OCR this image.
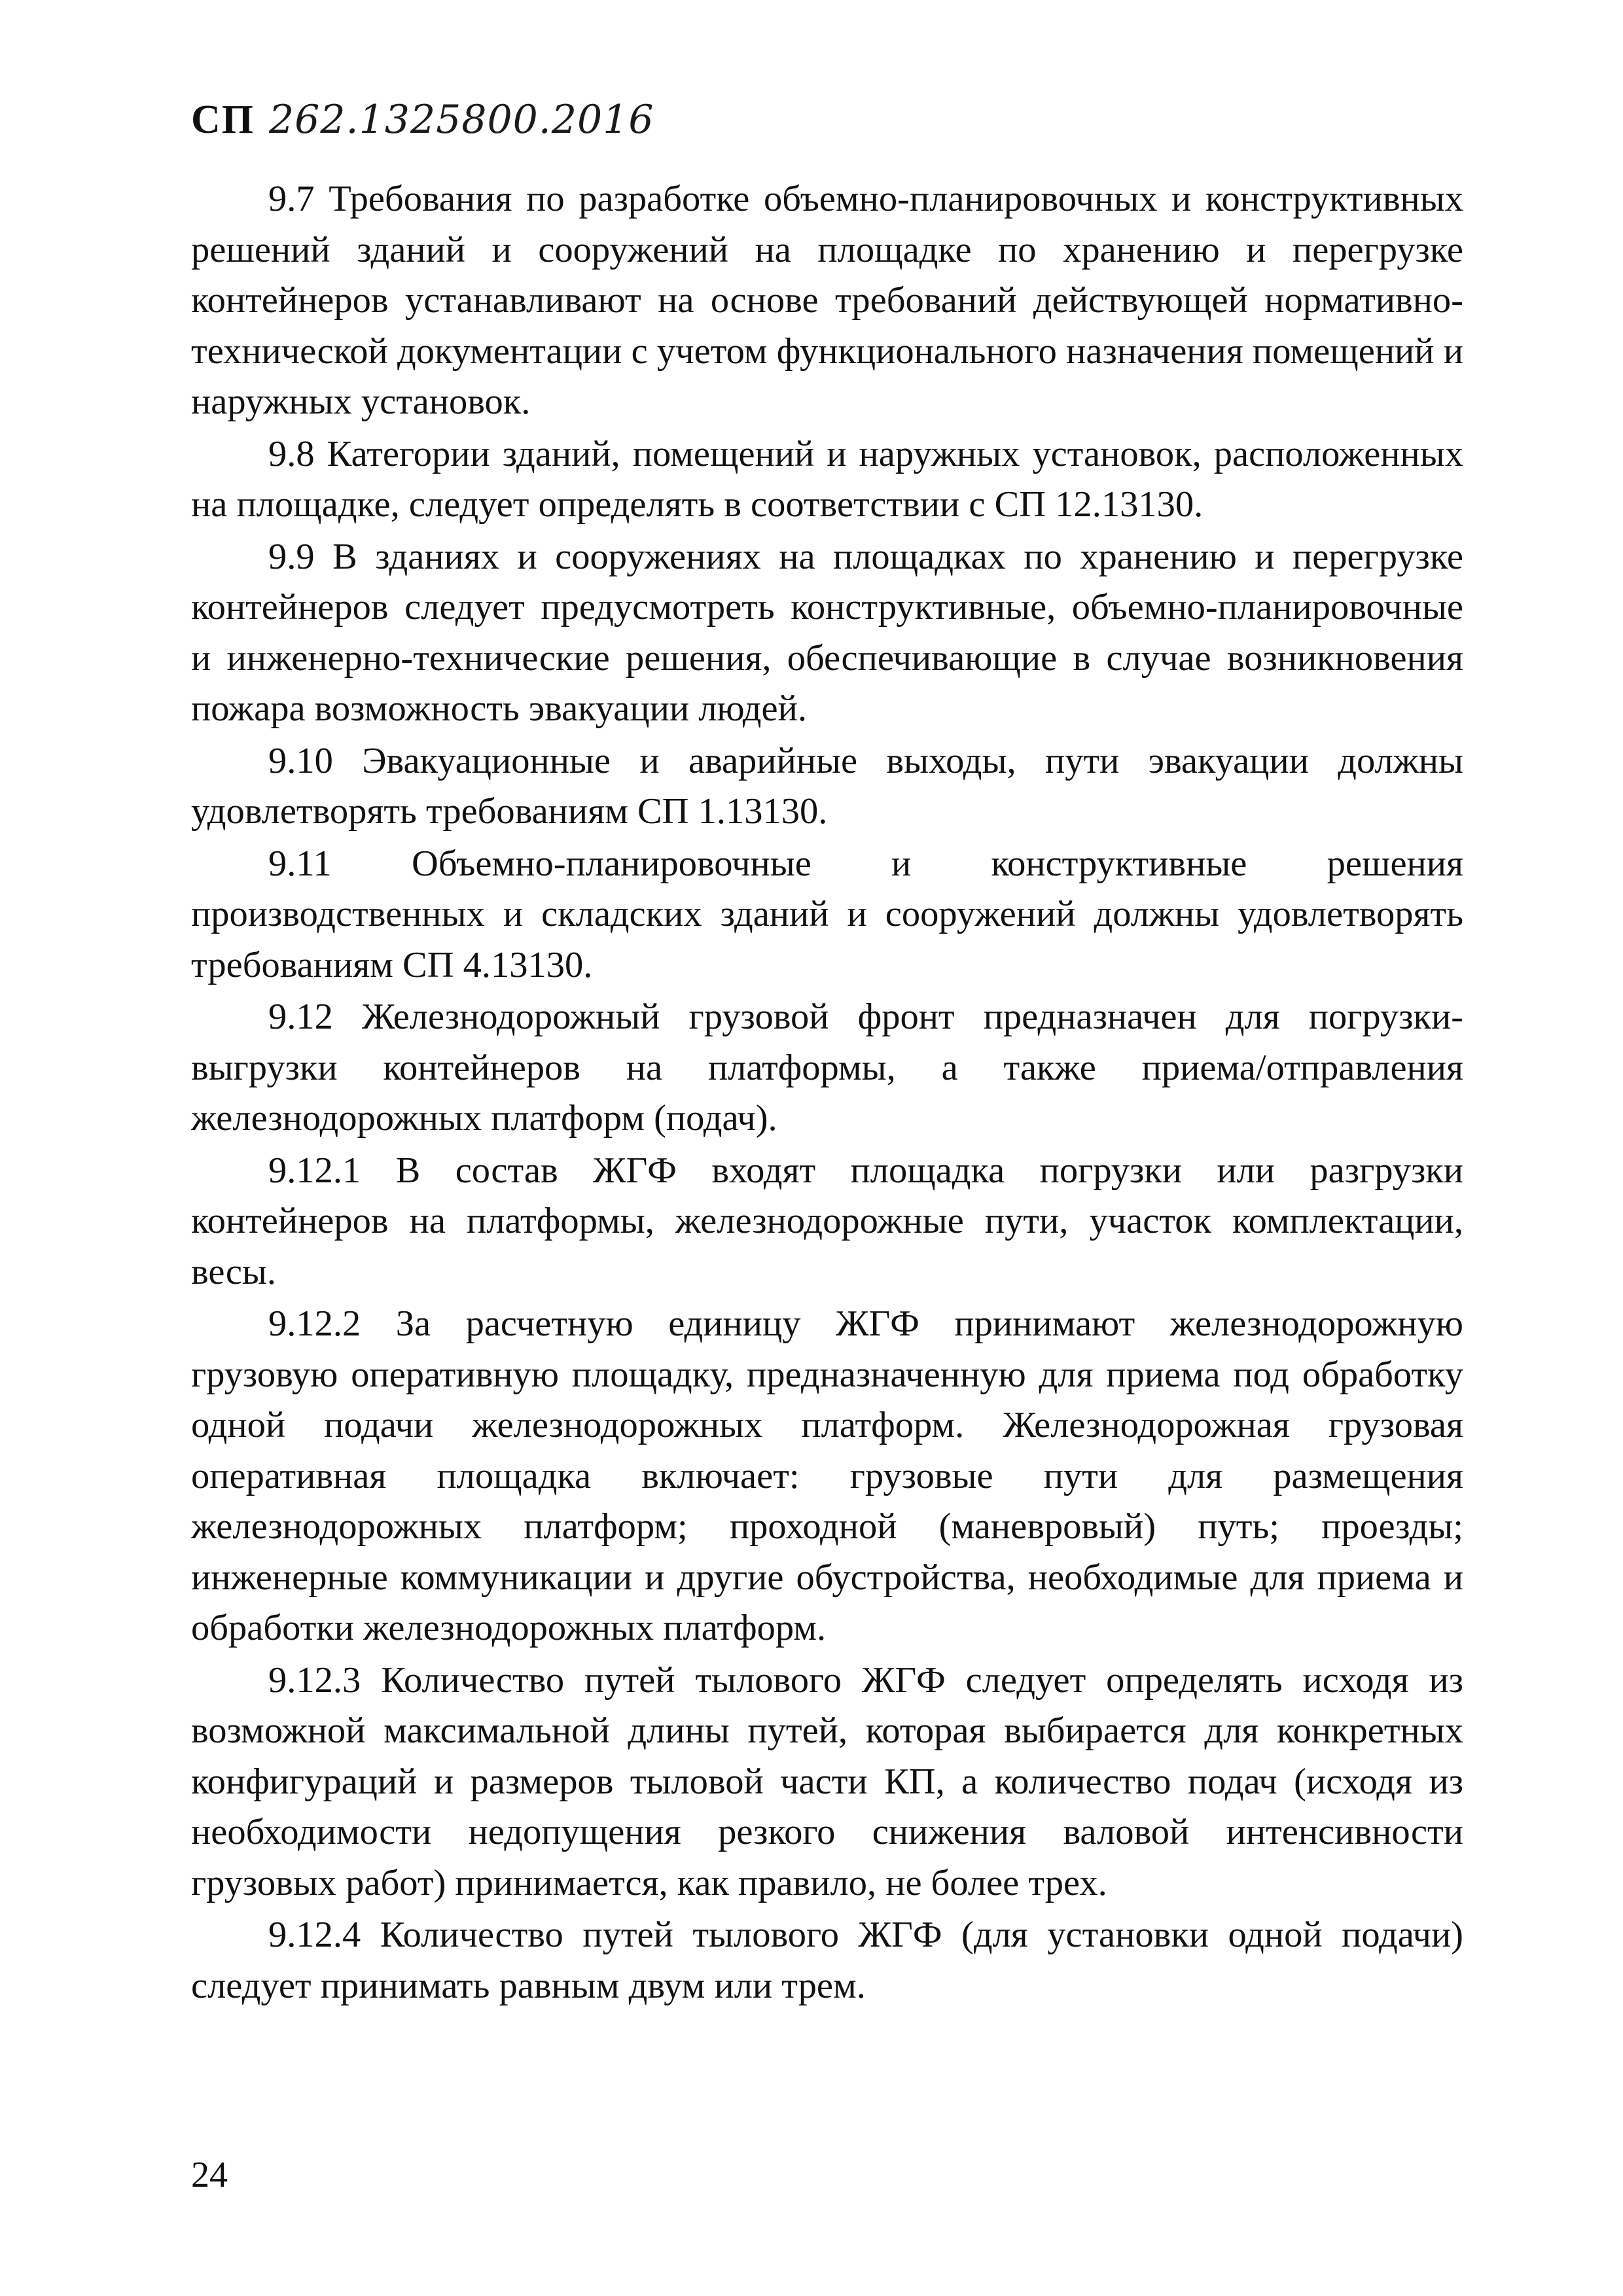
СП 262.1325800.2016

9.7 Требования по разработке объемно-планировочных и конструктивных решений зданий и сооружений на площадке по хранению и перегрузке контейнеров устанавливают на основе требований действующей нормативно-технической документации с учетом функционального назначения помещений и наружных установок.

9.8 Категории зданий, помещений и наружных установок, расположенных на площадке, следует определять в соответствии с СП 12.13130.

9.9 В зданиях и сооружениях на площадках по хранению и перегрузке контейнеров следует предусмотреть конструктивные, объемно-планировочные и инженерно-технические решения, обеспечивающие в случае возникновения пожара возможность эвакуации людей.

9.10 Эвакуационные и аварийные выходы, пути эвакуации должны удовлетворять требованиям СП 1.13130.

9.11 Объемно-планировочные и конструктивные решения производственных и складских зданий и сооружений должны удовлетворять требованиям СП 4.13130.

9.12 Железнодорожный грузовой фронт предназначен для погрузки-выгрузки контейнеров на платформы, а также приема/отправления железнодорожных платформ (подач).

9.12.1 В состав ЖГФ входят площадка погрузки или разгрузки контейнеров на платформы, железнодорожные пути, участок комплектации, весы.

9.12.2 За расчетную единицу ЖГФ принимают железнодорожную грузовую оперативную площадку, предназначенную для приема под обработку одной подачи железнодорожных платформ. Железнодорожная грузовая оперативная площадка включает: грузовые пути для размещения железнодорожных платформ; проходной (маневровый) путь; проезды; инженерные коммуникации и другие обустройства, необходимые для приема и обработки железнодорожных платформ.

9.12.3 Количество путей тылового ЖГФ следует определять исходя из возможной максимальной длины путей, которая выбирается для конкретных конфигураций и размеров тыловой части КП, а количество подач (исходя из необходимости недопущения резкого снижения валовой интенсивности грузовых работ) принимается, как правило, не более трех.

9.12.4 Количество путей тылового ЖГФ (для установки одной подачи) следует принимать равным двум или трем.

24
